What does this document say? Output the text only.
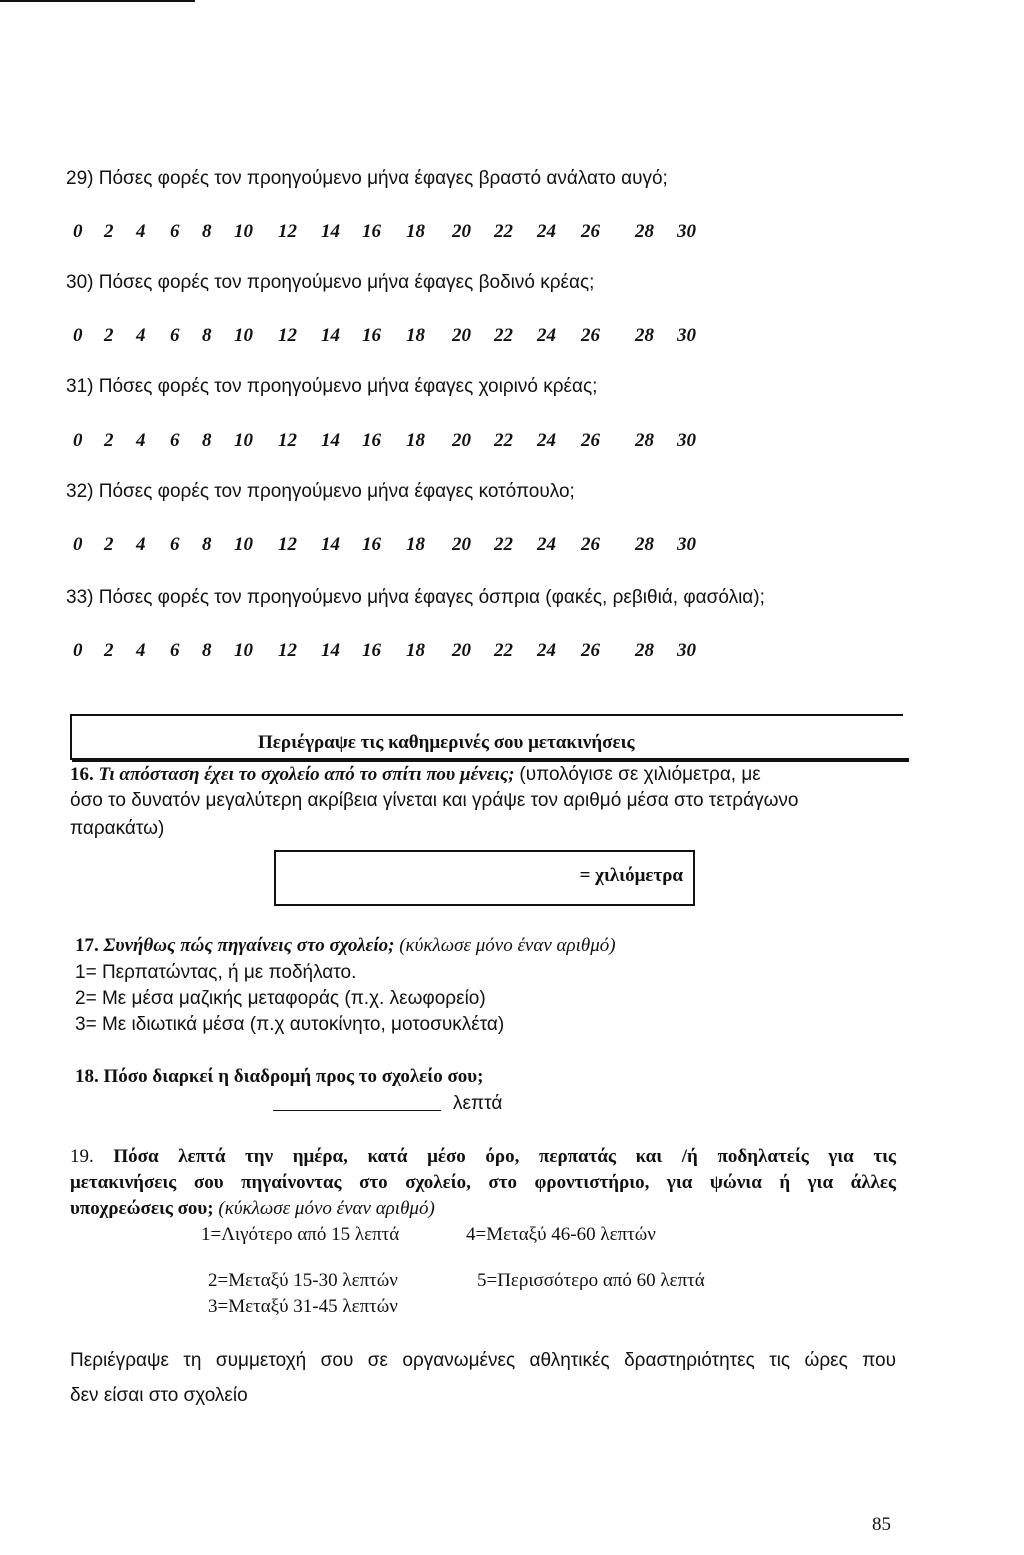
29) Πόσες φορές τον προηγούμενο μήνα έφαγες βραστό ανάλατο αυγό;
0 2 4 6 8 10 12 14 16 18 20 22 24 26 28 30
30) Πόσες φορές τον προηγούμενο μήνα έφαγες βοδινό κρέας;
0 2 4 6 8 10 12 14 16 18 20 22 24 26 28 30
31) Πόσες φορές τον προηγούμενο μήνα έφαγες χοιρινό κρέας;
0 2 4 6 8 10 12 14 16 18 20 22 24 26 28 30
32) Πόσες φορές τον προηγούμενο μήνα έφαγες κοτόπουλο;
0 2 4 6 8 10 12 14 16 18 20 22 24 26 28 30
33) Πόσες φορές τον προηγούμενο μήνα έφαγες όσπρια (φακές, ρεβιθιά, φασόλια);
0 2 4 6 8 10 12 14 16 18 20 22 24 26 28 30
Περιέγραψε τις καθημερινές σου μετακινήσεις
16. Τι απόσταση έχει το σχολείο από το σπίτι που μένεις; (υπολόγισε σε χιλιόμετρα, με
όσο το δυνατόν μεγαλύτερη ακρίβεια γίνεται και γράψε τον αριθμό μέσα στο τετράγωνο
παρακάτω)
= χιλιόμετρα
17. Συνήθως πώς πηγαίνεις στο σχολείο; (κύκλωσε μόνο έναν αριθμό)
1= Περπατώντας, ή με ποδήλατο.
2= Με μέσα μαζικής μεταφοράς (π.χ. λεωφορείο)
3= Με ιδιωτικά μέσα (π.χ αυτοκίνητο, μοτοσυκλέτα)
18. Πόσο διαρκεί η διαδρομή προς το σχολείο σου;
λεπτά
19. Πόσα λεπτά την ημέρα, κατά μέσο όρο, περπατάς και /ή ποδηλατείς για τις
μετακινήσεις σου πηγαίνοντας στο σχολείο, στο φροντιστήριο, για ψώνια ή για άλλες
υποχρεώσεις σου; (κύκλωσε μόνο έναν αριθμό)
1=Λιγότερο από 15 λεπτά	4=Μεταξύ 46-60 λεπτών
2=Μεταξύ 15-30 λεπτών	5=Περισσότερο από 60 λεπτά
3=Μεταξύ 31-45 λεπτών
Περιέγραψε τη συμμετοχή σου σε οργανωμένες αθλητικές δραστηριότητες τις ώρες που
δεν είσαι στο σχολείο
85
